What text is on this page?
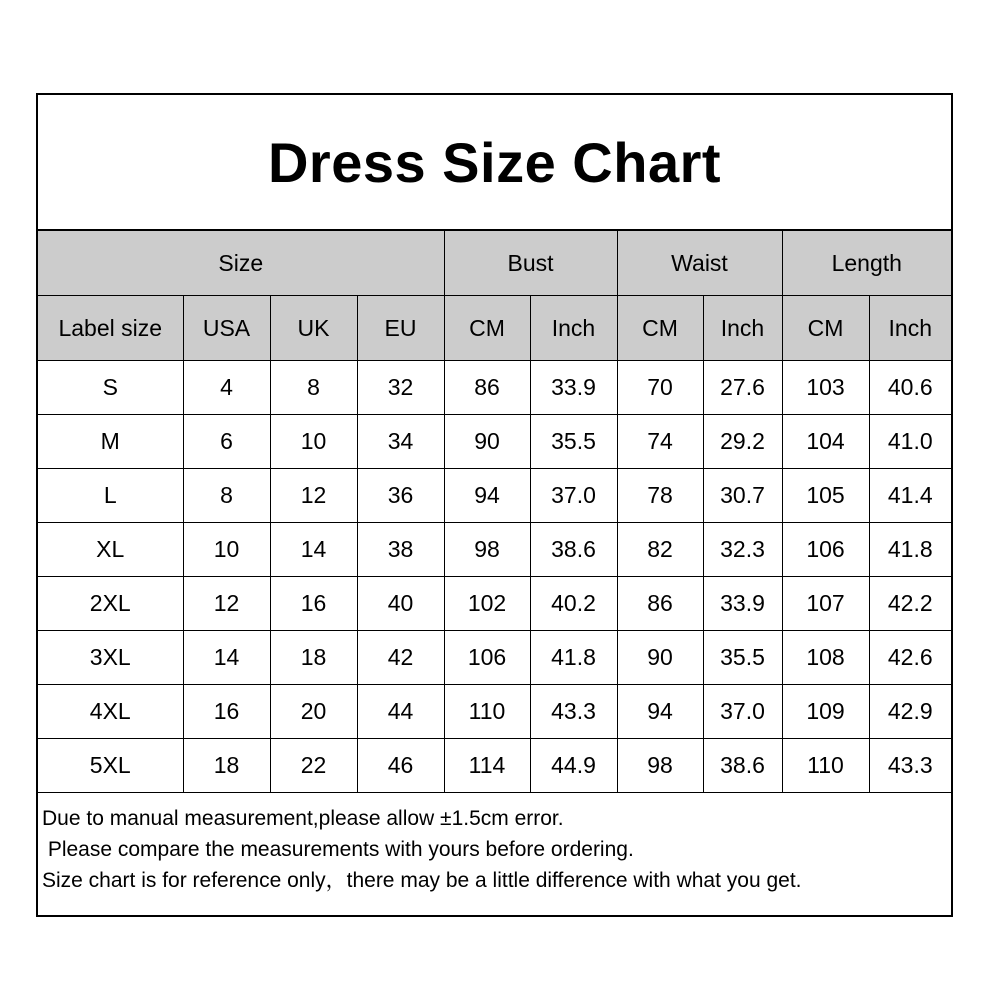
Dress Size Chart
Size				Bust		Waist		Length	
Label size	USA	UK	EU	CM	Inch	CM	Inch	CM	Inch
S	4	8	32	86	33.9	70	27.6	103	40.6
M	6	10	34	90	35.5	74	29.2	104	41.0
L	8	12	36	94	37.0	78	30.7	105	41.4
XL	10	14	38	98	38.6	82	32.3	106	41.8
2XL	12	16	40	102	40.2	86	33.9	107	42.2
3XL	14	18	42	106	41.8	90	35.5	108	42.6
4XL	16	20	44	110	43.3	94	37.0	109	42.9
5XL	18	22	46	114	44.9	98	38.6	110	43.3
Due to manual measurement,please allow ±1.5cm error.
Please compare the measurements with yours before ordering.
Size chart is for reference only，there may be a little difference with what you get.
